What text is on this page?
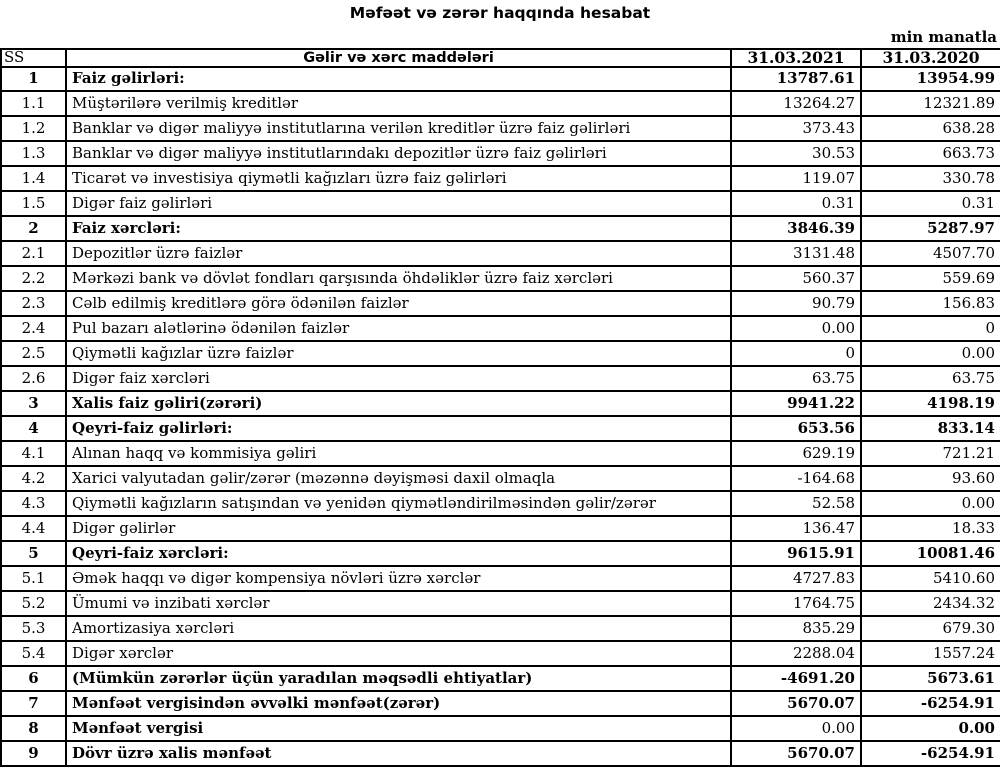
Məfəət və zərər haqqında hesabat
min manatla
SS	Gəlir və xərc maddələri	31.03.2021	31.03.2020
1	Faiz gəlirləri:	13787.61	13954.99
1.1	Müştərilərə verilmiş kreditlər	13264.27	12321.89
1.2	Banklar və digər maliyyə institutlarına verilən kreditlər üzrə faiz gəlirləri	373.43	638.28
1.3	Banklar və digər maliyyə institutlarındakı depozitlər üzrə faiz gəlirləri	30.53	663.73
1.4	Ticarət və investisiya qiymətli kağızları üzrə faiz gəlirləri	119.07	330.78
1.5	Digər faiz gəlirləri	0.31	0.31
2	Faiz xərcləri:	3846.39	5287.97
2.1	Depozitlər üzrə faizlər	3131.48	4507.70
2.2	Mərkəzi bank və dövlət fondları qarşısında öhdəliklər üzrə faiz xərcləri	560.37	559.69
2.3	Cəlb edilmiş kreditlərə görə ödənilən faizlər	90.79	156.83
2.4	Pul bazarı alətlərinə ödənilən faizlər	0.00	0
2.5	Qiymətli kağızlar üzrə faizlər	0	0.00
2.6	Digər faiz xərcləri	63.75	63.75
3	Xalis faiz gəliri(zərəri)	9941.22	4198.19
4	Qeyri-faiz gəlirləri:	653.56	833.14
4.1	Alınan haqq və kommisiya gəliri	629.19	721.21
4.2	Xarici valyutadan gəlir/zərər (məzənnə dəyişməsi daxil olmaqla	-164.68	93.60
4.3	Qiymətli kağızların satışından və yenidən qiymətləndirilməsindən gəlir/zərər	52.58	0.00
4.4	Digər gəlirlər	136.47	18.33
5	Qeyri-faiz xərcləri:	9615.91	10081.46
5.1	Əmək haqqı və digər kompensiya növləri üzrə xərclər	4727.83	5410.60
5.2	Ümumi və inzibati xərclər	1764.75	2434.32
5.3	Amortizasiya xərcləri	835.29	679.30
5.4	Digər xərclər	2288.04	1557.24
6	(Mümkün zərərlər üçün yaradılan məqsədli ehtiyatlar)	-4691.20	5673.61
7	Mənfəət vergisindən əvvəlki mənfəət(zərər)	5670.07	-6254.91
8	Mənfəət vergisi	0.00	0.00
9	Dövr üzrə xalis mənfəət	5670.07	-6254.91
